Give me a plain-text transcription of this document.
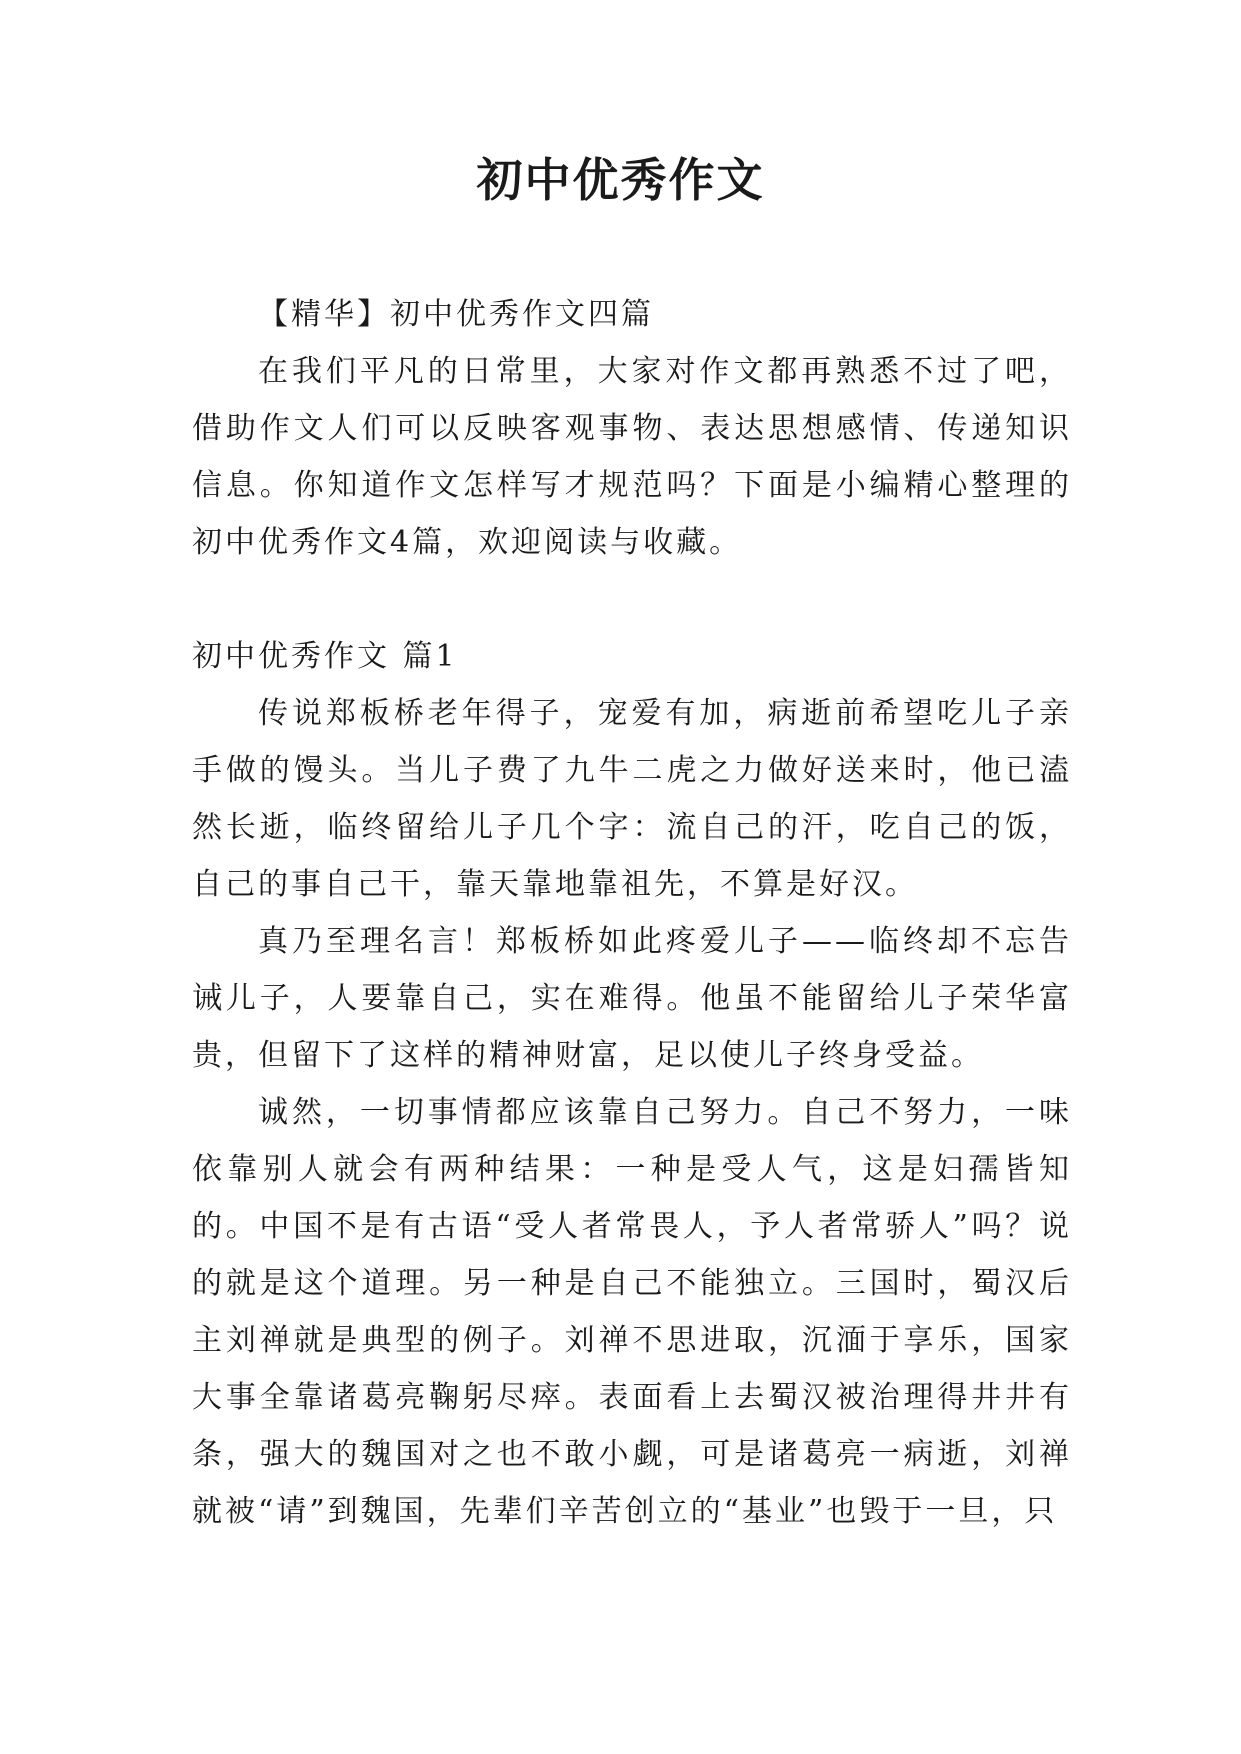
初中优秀作文

【精华】初中优秀作文四篇

在我们平凡的日常里，大家对作文都再熟悉不过了吧，借助作文人们可以反映客观事物、表达思想感情、传递知识信息。你知道作文怎样写才规范吗？下面是小编精心整理的初中优秀作文4篇，欢迎阅读与收藏。

初中优秀作文 篇1

传说郑板桥老年得子，宠爱有加，病逝前希望吃儿子亲手做的馒头。当儿子费了九牛二虎之力做好送来时，他已溘然长逝，临终留给儿子几个字：流自己的汗，吃自己的饭，自己的事自己干，靠天靠地靠祖先，不算是好汉。

真乃至理名言！郑板桥如此疼爱儿子——临终却不忘告诫儿子，人要靠自己，实在难得。他虽不能留给儿子荣华富贵，但留下了这样的精神财富，足以使儿子终身受益。

诚然，一切事情都应该靠自己努力。自己不努力，一味依靠别人就会有两种结果：一种是受人气，这是妇孺皆知的。中国不是有古语“受人者常畏人，予人者常骄人”吗？说的就是这个道理。另一种是自己不能独立。三国时，蜀汉后主刘禅就是典型的例子。刘禅不思进取，沉湎于享乐，国家大事全靠诸葛亮鞠躬尽瘁。表面看上去蜀汉被治理得井井有条，强大的魏国对之也不敢小觑，可是诸葛亮一病逝，刘禅就被“请”到魏国，先辈们辛苦创立的“基业”也毁于一旦，只
